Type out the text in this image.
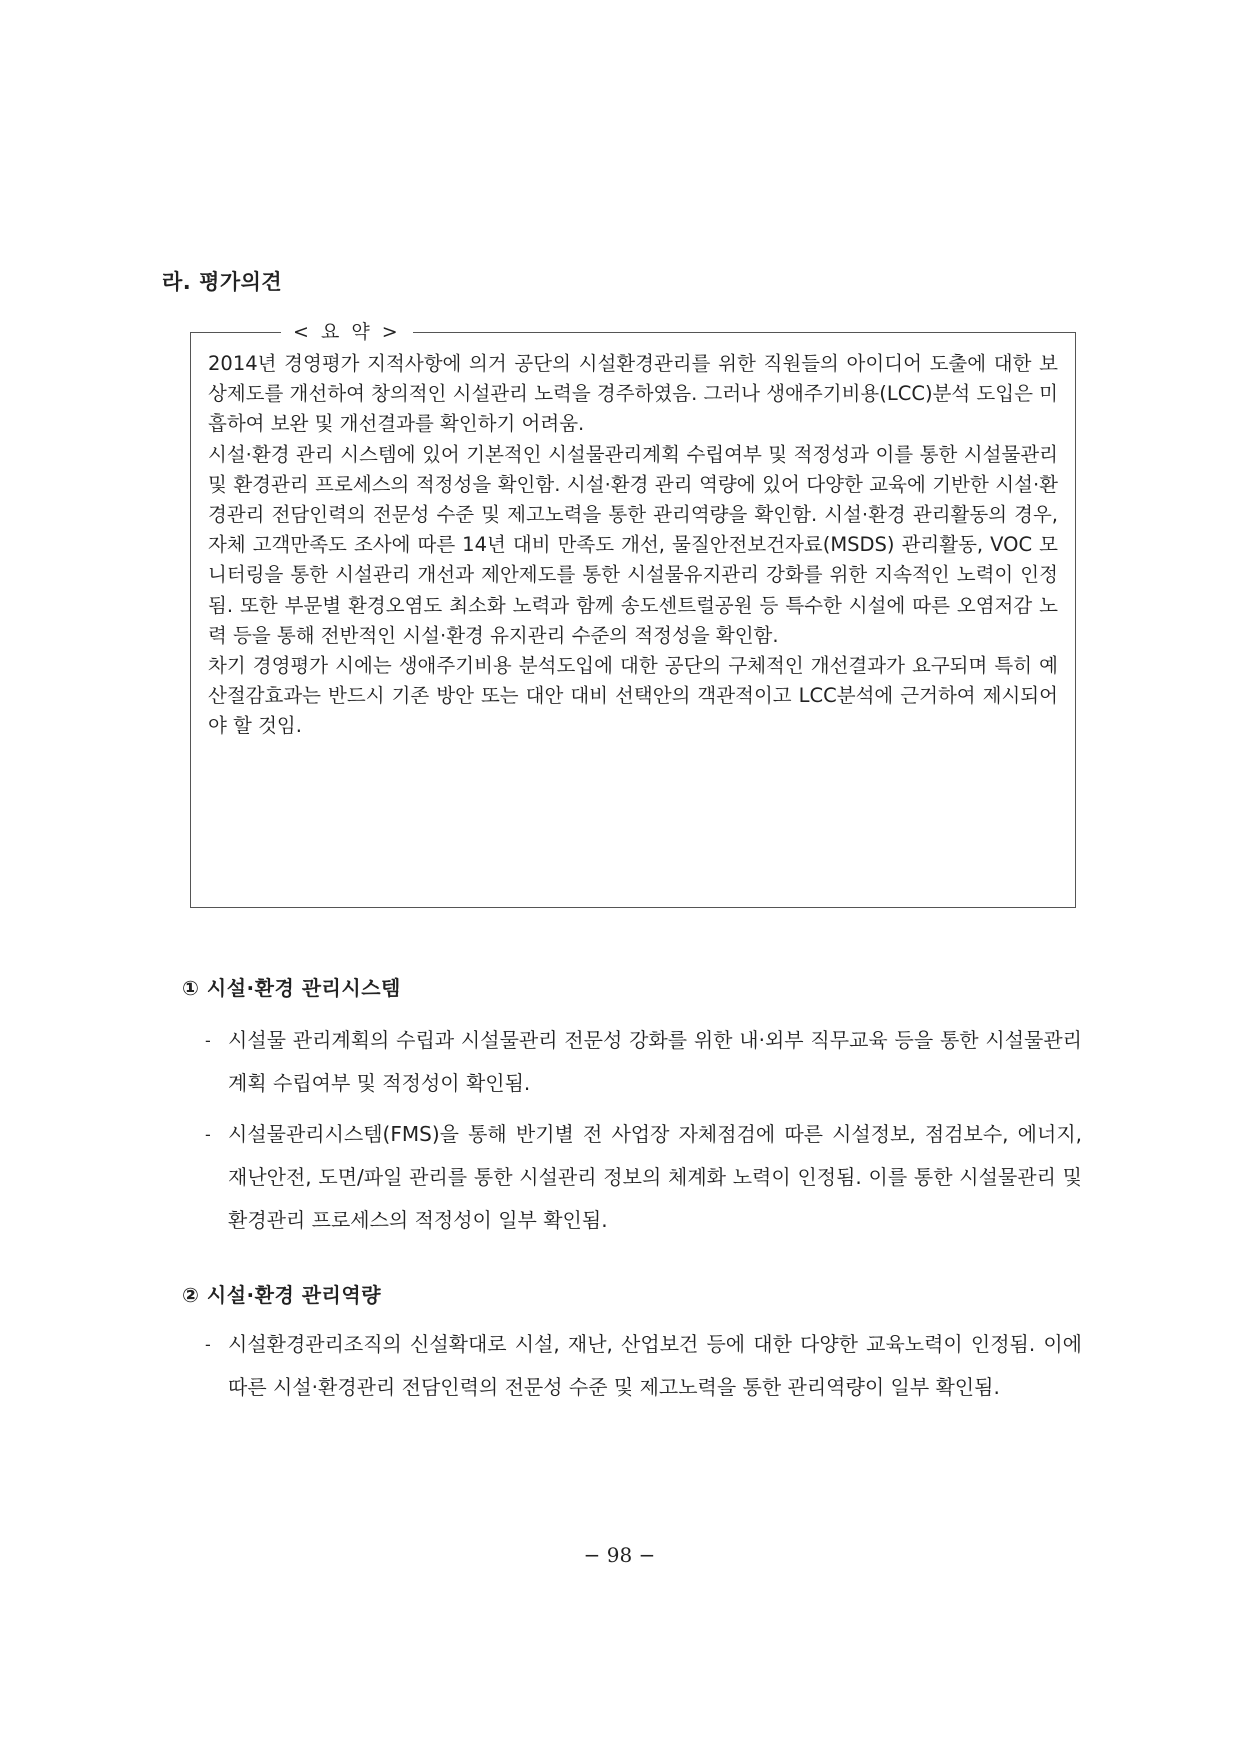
라. 평가의견
< 요 약 >

2014년 경영평가 지적사항에 의거 공단의 시설환경관리를 위한 직원들의 아이디어 도출에 대한 보상제도를 개선하여 창의적인 시설관리 노력을 경주하였음. 그러나 생애주기비용(LCC)분석 도입은 미흡하여 보완 및 개선결과를 확인하기 어려움.

시설·환경 관리 시스템에 있어 기본적인 시설물관리계획 수립여부 및 적정성과 이를 통한 시설물관리 및 환경관리 프로세스의 적정성을 확인함. 시설·환경 관리 역량에 있어 다양한 교육에 기반한 시설·환경관리 전담인력의 전문성 수준 및 제고노력을 통한 관리역량을 확인함. 시설·환경 관리활동의 경우, 자체 고객만족도 조사에 따른 14년 대비 만족도 개선, 물질안전보건자료(MSDS) 관리활동, VOC 모니터링을 통한 시설관리 개선과 제안제도를 통한 시설물유지관리 강화를 위한 지속적인 노력이 인정됨. 또한 부문별 환경오염도 최소화 노력과 함께 송도센트럴공원 등 특수한 시설에 따른 오염저감 노력 등을 통해 전반적인 시설·환경 유지관리 수준의 적정성을 확인함.

차기 경영평가 시에는 생애주기비용 분석도입에 대한 공단의 구체적인 개선결과가 요구되며 특히 예산절감효과는 반드시 기존 방안 또는 대안 대비 선택안의 객관적이고 LCC분석에 근거하여 제시되어야 할 것임.

① 시설·환경 관리시스템
- 시설물 관리계획의 수립과 시설물관리 전문성 강화를 위한 내·외부 직무교육 등을 통한 시설물관리계획 수립여부 및 적정성이 확인됨.
- 시설물관리시스템(FMS)을 통해 반기별 전 사업장 자체점검에 따른 시설정보, 점검보수, 에너지, 재난안전, 도면/파일 관리를 통한 시설관리 정보의 체계화 노력이 인정됨. 이를 통한 시설물관리 및 환경관리 프로세스의 적정성이 일부 확인됨.
② 시설·환경 관리역량
- 시설환경관리조직의 신설확대로 시설, 재난, 산업보건 등에 대한 다양한 교육노력이 인정됨. 이에 따른 시설·환경관리 전담인력의 전문성 수준 및 제고노력을 통한 관리역량이 일부 확인됨.

− 98 −
